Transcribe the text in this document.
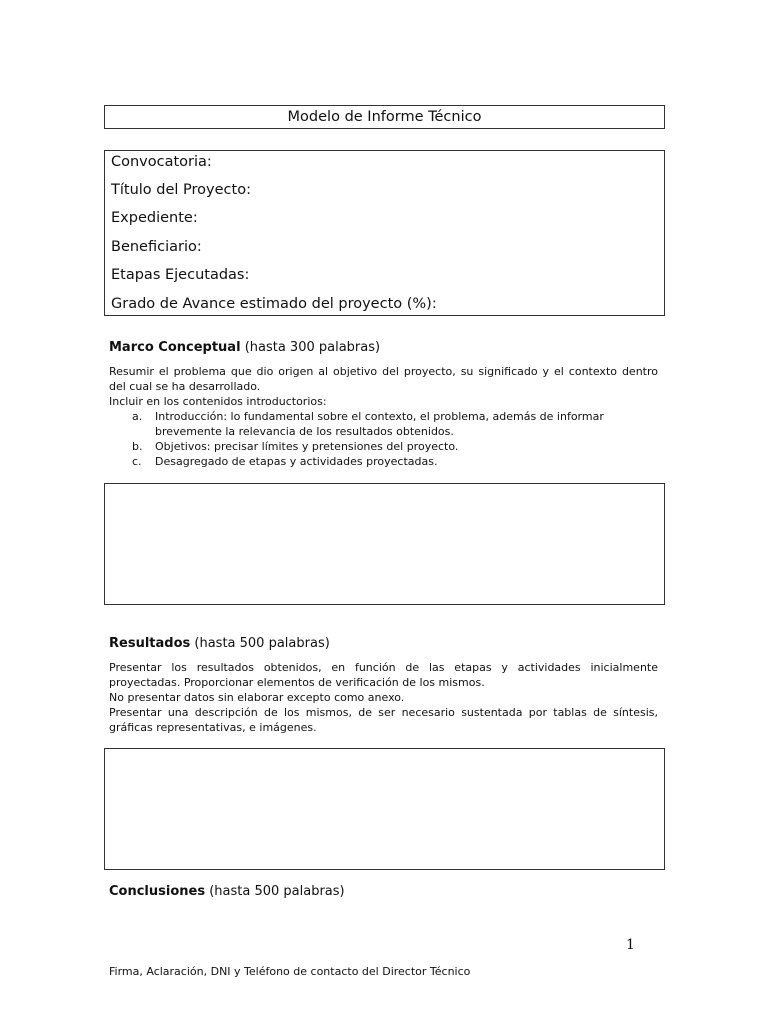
Modelo de Informe Técnico
Convocatoria:
Título del Proyecto:
Expediente:
Beneficiario:
Etapas Ejecutadas:
Grado de Avance estimado del proyecto (%):
Marco Conceptual (hasta 300 palabras)
Resumir el problema que dio origen al objetivo del proyecto, su significado y el contexto dentro
del cual se ha desarrollado.
Incluir en los contenidos introductorios:
a. Introducción: lo fundamental sobre el contexto, el problema, además de informar
brevemente la relevancia de los resultados obtenidos.
b. Objetivos: precisar límites y pretensiones del proyecto.
c. Desagregado de etapas y actividades proyectadas.
Resultados (hasta 500 palabras)
Presentar los resultados obtenidos, en función de las etapas y actividades inicialmente
proyectadas. Proporcionar elementos de verificación de los mismos.
No presentar datos sin elaborar excepto como anexo.
Presentar una descripción de los mismos, de ser necesario sustentada por tablas de síntesis,
gráficas representativas, e imágenes.
Conclusiones (hasta 500 palabras)
1
Firma, Aclaración, DNI y Teléfono de contacto del Director Técnico
